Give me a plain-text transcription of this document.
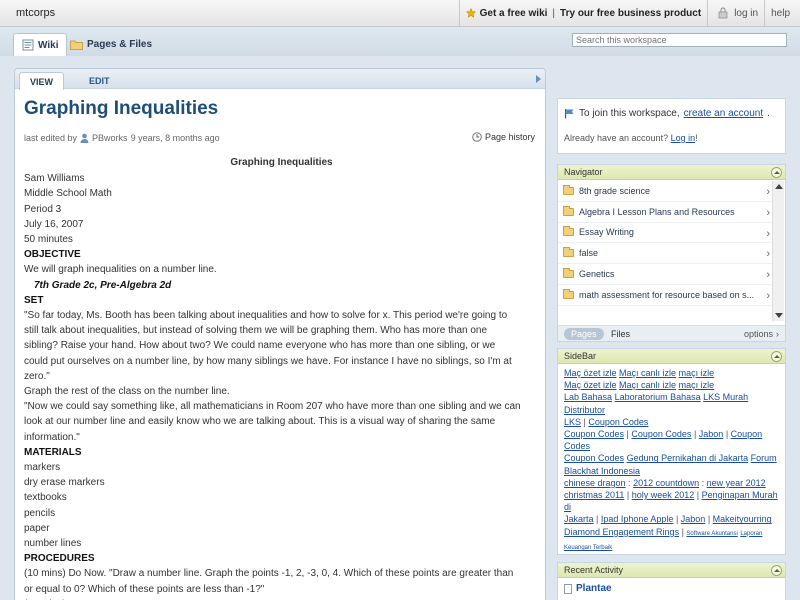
mtcorps	Get a free wiki | Try our free business product	log in help
Wiki	Pages & Files
Search this workspace
VIEW	EDIT
Graphing Inequalities
last edited by PBworks 9 years, 8 months ago	Page history
Graphing Inequalities
Sam Williams
Middle School Math
Period 3
July 16, 2007
50 minutes
OBJECTIVE
We will graph inequalities on a number line.
7th Grade 2c, Pre-Algebra 2d
SET
"So far today, Ms. Booth has been talking about inequalities and how to solve for x. This period we're going to
still talk about inequalities, but instead of solving them we will be graphing them. Who has more than one
sibling? Raise your hand. How about two? We could name everyone who has more than one sibling, or we
could put ourselves on a number line, by how many siblings we have. For instance I have no siblings, so I'm at
zero."
Graph the rest of the class on the number line.
"Now we could say something like, all mathematicians in Room 207 who have more than one sibling and we can
look at our number line and easily know who we are talking about. This is a visual way of sharing the same
information."
MATERIALS
markers
dry erase markers
textbooks
pencils
paper
number lines
PROCEDURES
(10 mins) Do Now. "Draw a number line. Graph the points -1, 2, -3, 0, 4. Which of these points are greater than
or equal to 0? Which of these points are less than -1?"
To join this workspace, create an account .
Already have an account? Log in!
Navigator
8th grade science	›
Algebra I Lesson Plans and Resources	›
Essay Writing	›
false	›
Genetics	›
math assessment for resource based on s... ›
Pages	Files	options ›
SideBar
Maç özet izle Maçı canlı izle maçı izle
Maç özet izle Maçı canlı izle maçı izle
Lab Bahasa Laboratorium Bahasa LKS Murah Distributor
LKS | Coupon Codes
Coupon Codes | Coupon Codes | Jabon | Coupon Codes
Coupon Codes Gedung Pernikahan di Jakarta Forum
Blackhat Indonesia
chinese dragon : 2012 countdown : new year 2012
christmas 2011 | holy week 2012 | Penginapan Murah di
Jakarta | Ipad Iphone Apple | Jabon | Makeityourring
Diamond Engagement Rings | Software Akuntansi Laporan
Keuangan Terbaik
Recent Activity
Plantae
